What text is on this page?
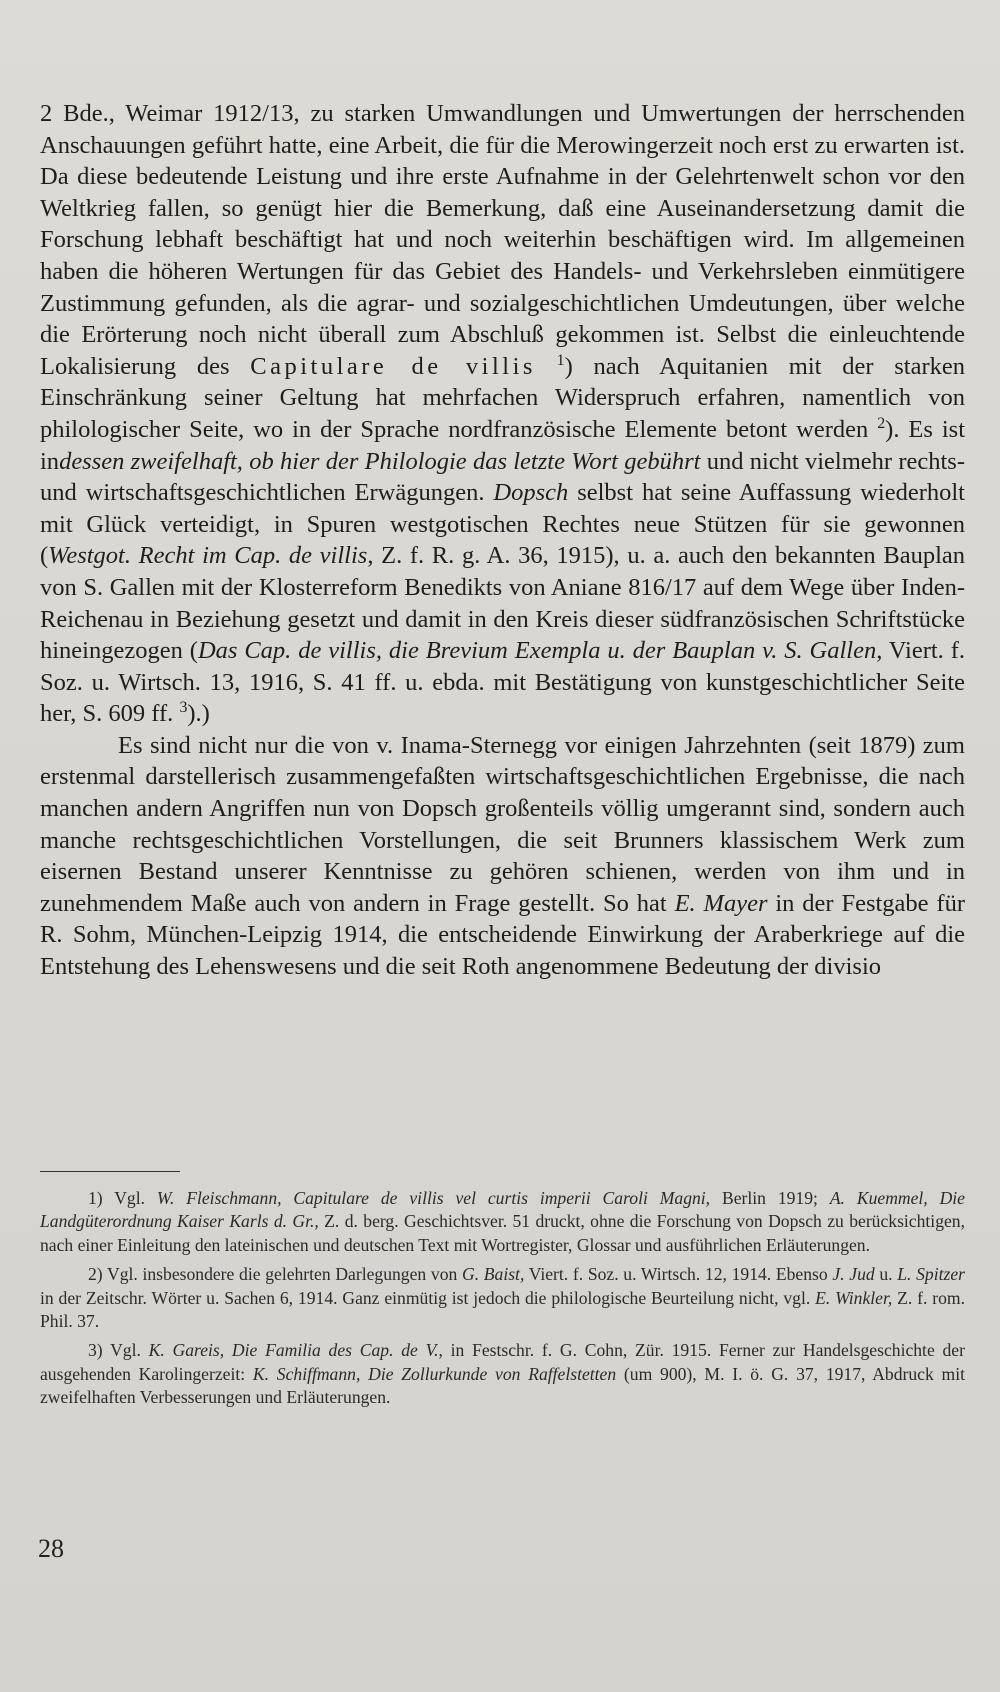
2 Bde., Weimar 1912/13, zu starken Umwandlungen und Umwertungen der herrschenden Anschauungen geführt hatte, eine Arbeit, die für die Merowingerzeit noch erst zu erwarten ist. Da diese bedeutende Leistung und ihre erste Aufnahme in der Gelehrtenwelt schon vor den Weltkrieg fallen, so genügt hier die Bemerkung, daß eine Auseinandersetzung damit die Forschung lebhaft beschäftigt hat und noch weiterhin beschäftigen wird. Im allgemeinen haben die höheren Wertungen für das Gebiet des Handels- und Verkehrsleben einmütigere Zustimmung gefunden, als die agrar- und sozialgeschichtlichen Umdeutungen, über welche die Erörterung noch nicht überall zum Abschluß gekommen ist. Selbst die einleuchtende Lokalisierung des Capitulare de villis $^1$) nach Aquitanien mit der starken Einschränkung seiner Geltung hat mehrfachen Widerspruch erfahren, namentlich von philologischer Seite, wo in der Sprache nordfranzösische Elemente betont werden $^2$). Es ist indessen zweifelhaft, ob hier der Philologie das letzte Wort gebührt und nicht vielmehr rechts- und wirtschaftsgeschichtlichen Erwägungen. Dopsch selbst hat seine Auffassung wiederholt mit Glück verteidigt, in Spuren westgotischen Rechtes neue Stützen für sie gewonnen (Westgot. Recht im Cap. de villis, Z. f. R. g. A. 36, 1915), u. a. auch den bekannten Bauplan von S. Gallen mit der Klosterreform Benedikts von Aniane 816/17 auf dem Wege über Inden-Reichenau in Beziehung gesetzt und damit in den Kreis dieser südfranzösischen Schriftstücke hineingezogen (Das Cap. de villis, die Brevium Exempla u. der Bauplan v. S. Gallen, Viert. f. Soz. u. Wirtsch. 13, 1916, S. 41 ff. u. ebda. mit Bestätigung von kunstgeschichtlicher Seite her, S. 609 ff. $^3$).)

Es sind nicht nur die von v. Inama-Sternegg vor einigen Jahrzehnten (seit 1879) zum erstenmal darstellerisch zusammengefaßten wirtschaftsgeschichtlichen Ergebnisse, die nach manchen andern Angriffen nun von Dopsch großenteils völlig umgerannt sind, sondern auch manche rechtsgeschichtlichen Vorstellungen, die seit Brunners klassischem Werk zum eisernen Bestand unserer Kenntnisse zu gehören schienen, werden von ihm und in zunehmendem Maße auch von andern in Frage gestellt. So hat E. Mayer in der Festgabe für R. Sohm, München-Leipzig 1914, die entscheidende Einwirkung der Araberkriege auf die Entstehung des Lehenswesens und die seit Roth angenommene Bedeutung der divisio

1) Vgl. W. Fleischmann, Capitulare de villis vel curtis imperii Caroli Magni, Berlin 1919; A. Kuemmel, Die Landgüterordnung Kaiser Karls d. Gr., Z. d. berg. Geschichtsver. 51 druckt, ohne die Forschung von Dopsch zu berücksichtigen, nach einer Einleitung den lateinischen und deutschen Text mit Wortregister, Glossar und ausführlichen Erläuterungen.

2) Vgl. insbesondere die gelehrten Darlegungen von G. Baist, Viert. f. Soz. u. Wirtsch. 12, 1914. Ebenso J. Jud u. L. Spitzer in der Zeitschr. Wörter u. Sachen 6, 1914. Ganz einmütig ist jedoch die philologische Beurteilung nicht, vgl. E. Winkler, Z. f. rom. Phil. 37.

3) Vgl. K. Gareis, Die Familia des Cap. de V., in Festschr. f. G. Cohn, Zür. 1915. Ferner zur Handelsgeschichte der ausgehenden Karolingerzeit: K. Schiffmann, Die Zollurkunde von Raffelstetten (um 900), M. I. ö. G. 37, 1917, Abdruck mit zweifelhaften Verbesserungen und Erläuterungen.

28
